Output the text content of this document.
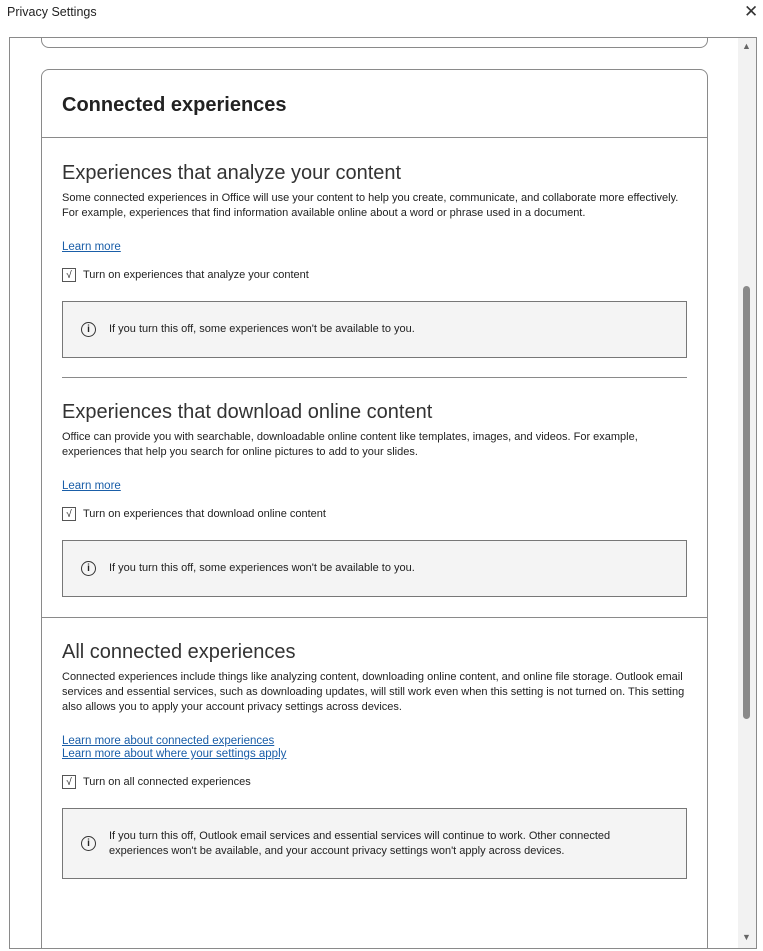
Privacy Settings	✕
Connected experiences
Experiences that analyze your content

Some connected experiences in Office will use your content to help you create, communicate, and collaborate more effectively. For example, experiences that find information available online about a word or phrase used in a document.

Learn more
√	Turn on experiences that analyze your content
i	If you turn this off, some experiences won't be available to you.
Experiences that download online content

Office can provide you with searchable, downloadable online content like templates, images, and videos. For example, experiences that help you search for online pictures to add to your slides.

Learn more
√	Turn on experiences that download online content
i	If you turn this off, some experiences won't be available to you.
All connected experiences

Connected experiences include things like analyzing content, downloading online content, and online file storage. Outlook email services and essential services, such as downloading updates, will still work even when this setting is not turned on. This setting also allows you to apply your account privacy settings across devices.

Learn more about connected experiences
Learn more about where your settings apply
√	Turn on all connected experiences
i
If you turn this off, Outlook email services and essential services will continue to work. Other connected experiences won't be available, and your account privacy settings won't apply across devices.
▲
▼
